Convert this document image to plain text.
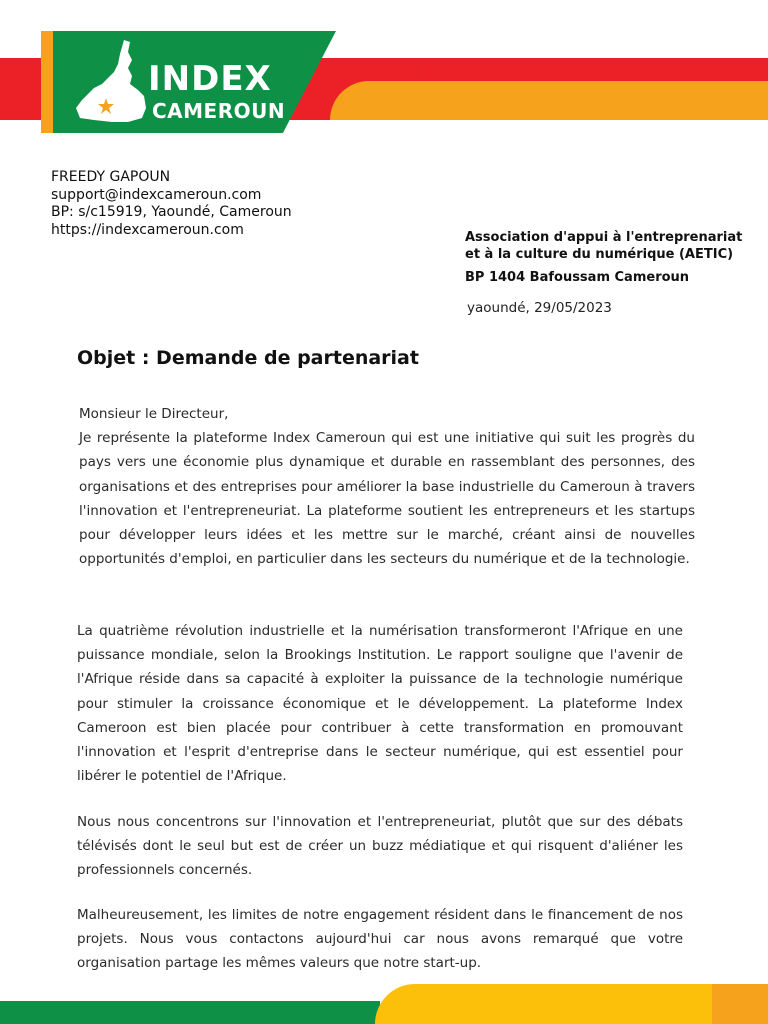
INDEX
CAMEROUN
FREEDY GAPOUN
support@indexcameroun.com
BP: s/c15919, Yaoundé, Cameroun
https://indexcameroun.com	Association d'appui à l'entreprenariat
et à la culture du numérique (AETIC)
BP 1404 Bafoussam Cameroun
yaoundé, 29/05/2023
Objet : Demande de partenariat
Monsieur le Directeur,
Je représente la plateforme Index Cameroun qui est une initiative qui suit les progrès du pays vers une économie plus dynamique et durable en rassemblant des personnes, des organisations et des entreprises pour améliorer la base industrielle du Cameroun à travers l'innovation et l'entrepreneuriat. La plateforme soutient les entrepreneurs et les startups pour développer leurs idées et les mettre sur le marché, créant ainsi de nouvelles opportunités d'emploi, en particulier dans les secteurs du numérique et de la technologie.
La quatrième révolution industrielle et la numérisation transformeront l'Afrique en une puissance mondiale, selon la Brookings Institution. Le rapport souligne que l'avenir de l'Afrique réside dans sa capacité à exploiter la puissance de la technologie numérique pour stimuler la croissance économique et le développement. La plateforme Index Cameroon est bien placée pour contribuer à cette transformation en promouvant l'innovation et l'esprit d'entreprise dans le secteur numérique, qui est essentiel pour libérer le potentiel de l'Afrique.
Nous nous concentrons sur l'innovation et l'entrepreneuriat, plutôt que sur des débats télévisés dont le seul but est de créer un buzz médiatique et qui risquent d'aliéner les professionnels concernés.
Malheureusement, les limites de notre engagement résident dans le financement de nos projets. Nous vous contactons aujourd'hui car nous avons remarqué que votre organisation partage les mêmes valeurs que notre start-up.
